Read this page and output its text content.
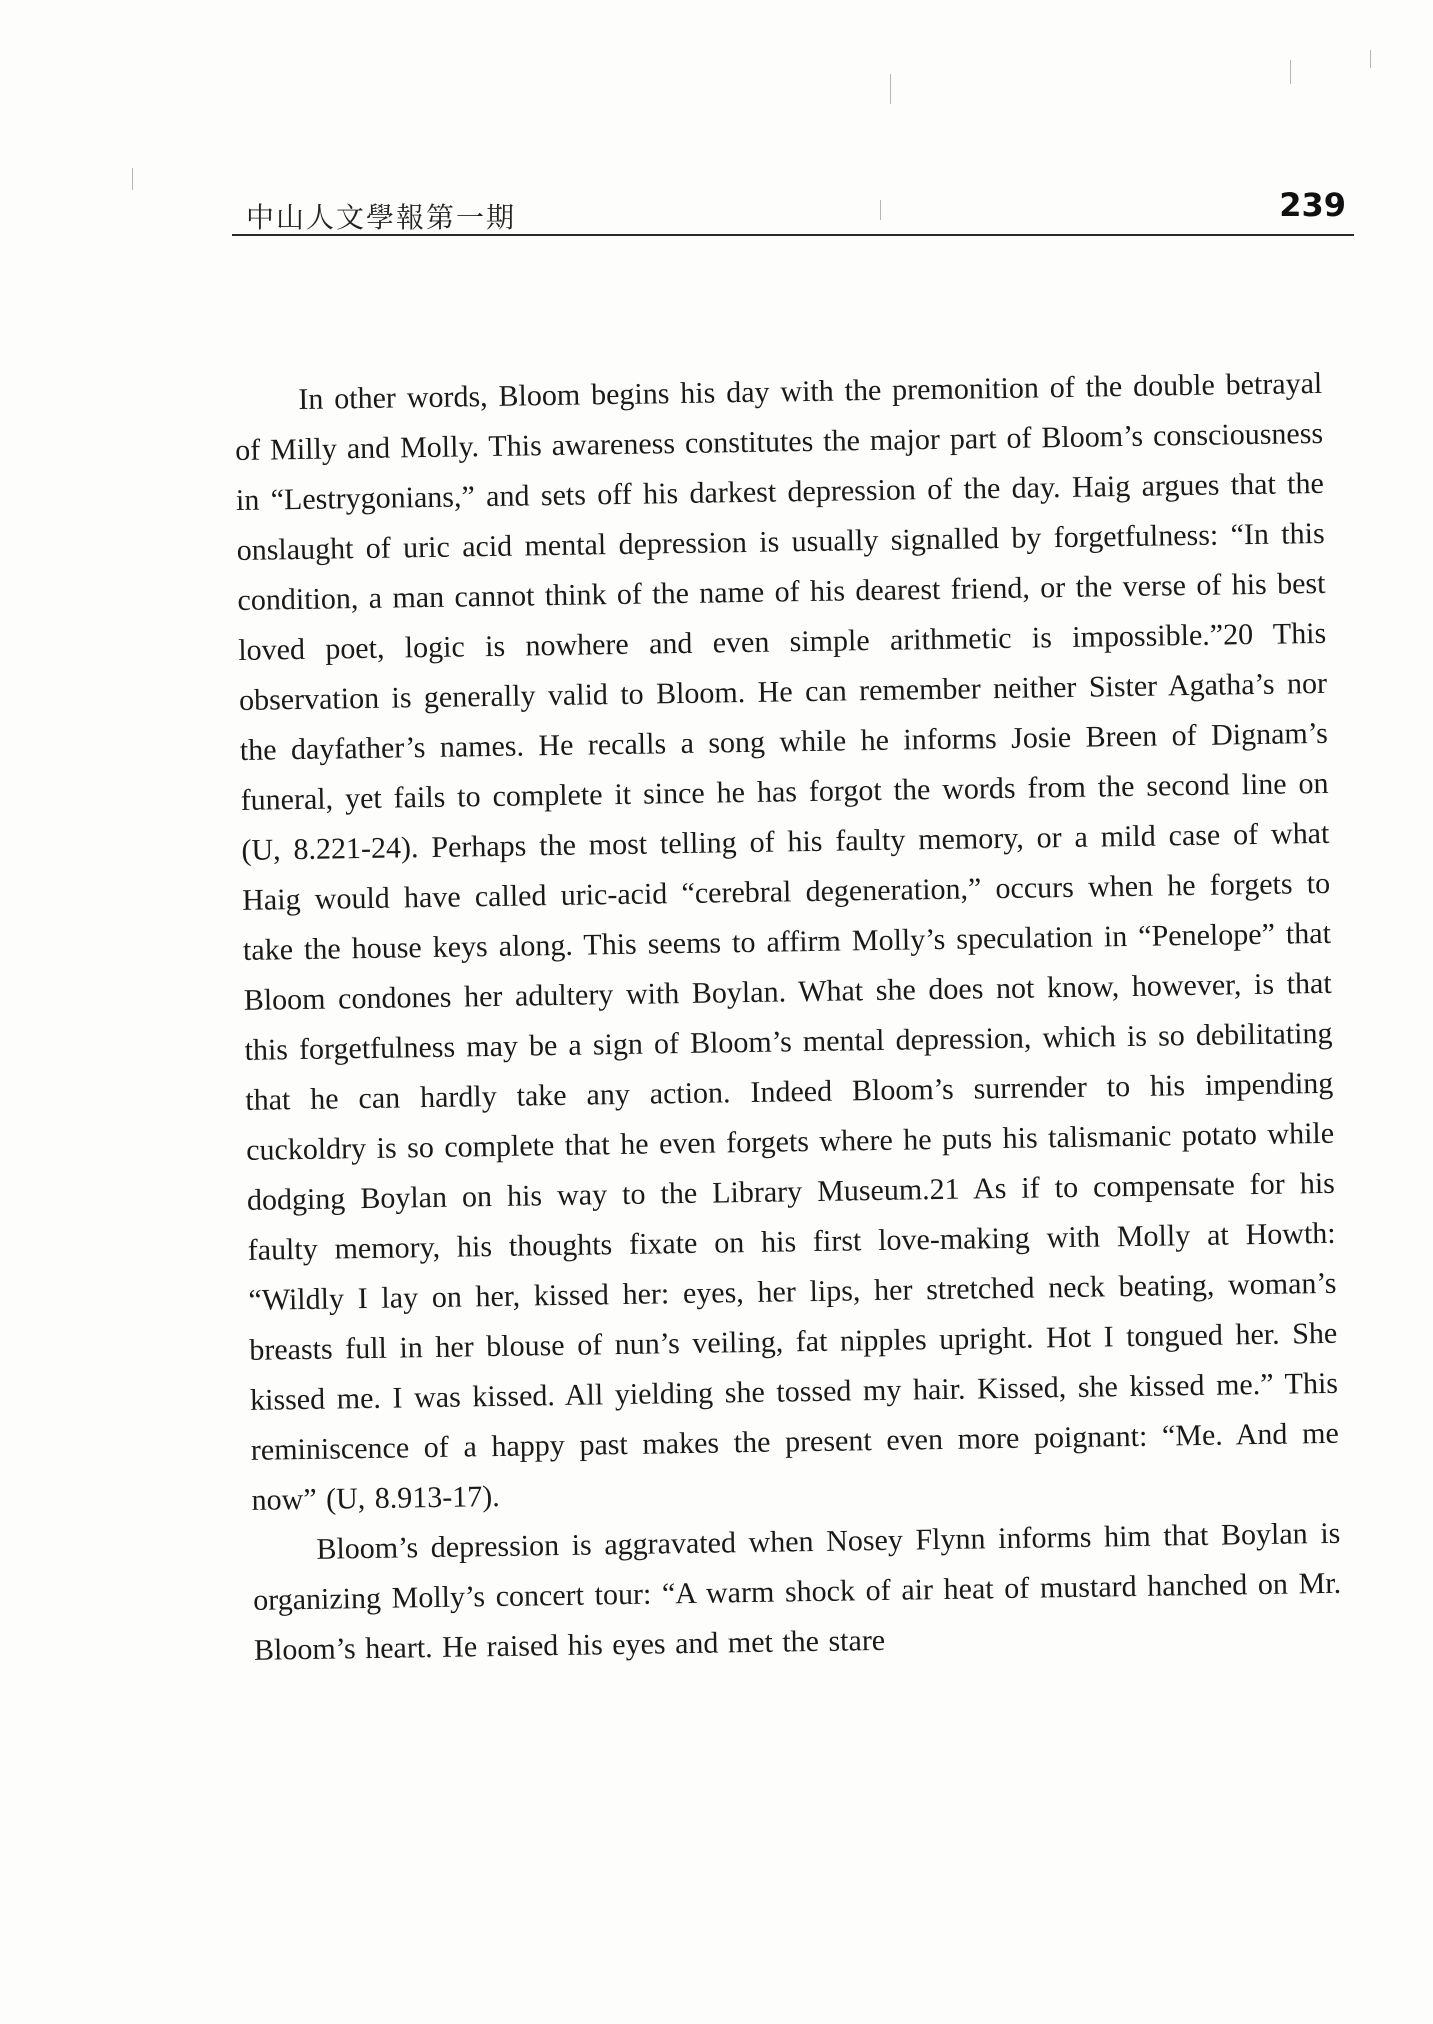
中山人文學報第一期	239

In other words, Bloom begins his day with the premonition of the double betrayal of Milly and Molly. This awareness constitutes the major part of Bloom’s consciousness in “Lestrygonians,” and sets off his darkest depression of the day. Haig argues that the onslaught of uric acid mental depression is usually signalled by forgetfulness: “In this condition, a man cannot think of the name of his dearest friend, or the verse of his best loved poet, logic is nowhere and even simple arithmetic is impossible.”20 This observation is generally valid to Bloom. He can remember neither Sister Agatha’s nor the dayfather’s names. He recalls a song while he informs Josie Breen of Dignam’s funeral, yet fails to complete it since he has forgot the words from the second line on (U, 8.221-24). Perhaps the most telling of his faulty memory, or a mild case of what Haig would have called uric-acid “cerebral degeneration,” occurs when he forgets to take the house keys along. This seems to affirm Molly’s speculation in “Penelope” that Bloom condones her adultery with Boylan. What she does not know, however, is that this forgetfulness may be a sign of Bloom’s mental depression, which is so debilitating that he can hardly take any action. Indeed Bloom’s surrender to his impending cuckoldry is so complete that he even forgets where he puts his talismanic potato while dodging Boylan on his way to the Library Museum.21 As if to compensate for his faulty memory, his thoughts fixate on his first love-making with Molly at Howth: “Wildly I lay on her, kissed her: eyes, her lips, her stretched neck beating, woman’s breasts full in her blouse of nun’s veiling, fat nipples upright. Hot I tongued her. She kissed me. I was kissed. All yielding she tossed my hair. Kissed, she kissed me.” This reminiscence of a happy past makes the present even more poignant: “Me. And me now” (U, 8.913-17).

Bloom’s depression is aggravated when Nosey Flynn informs him that Boylan is organizing Molly’s concert tour: “A warm shock of air heat of mustard hanched on Mr. Bloom’s heart. He raised his eyes and met the stare
